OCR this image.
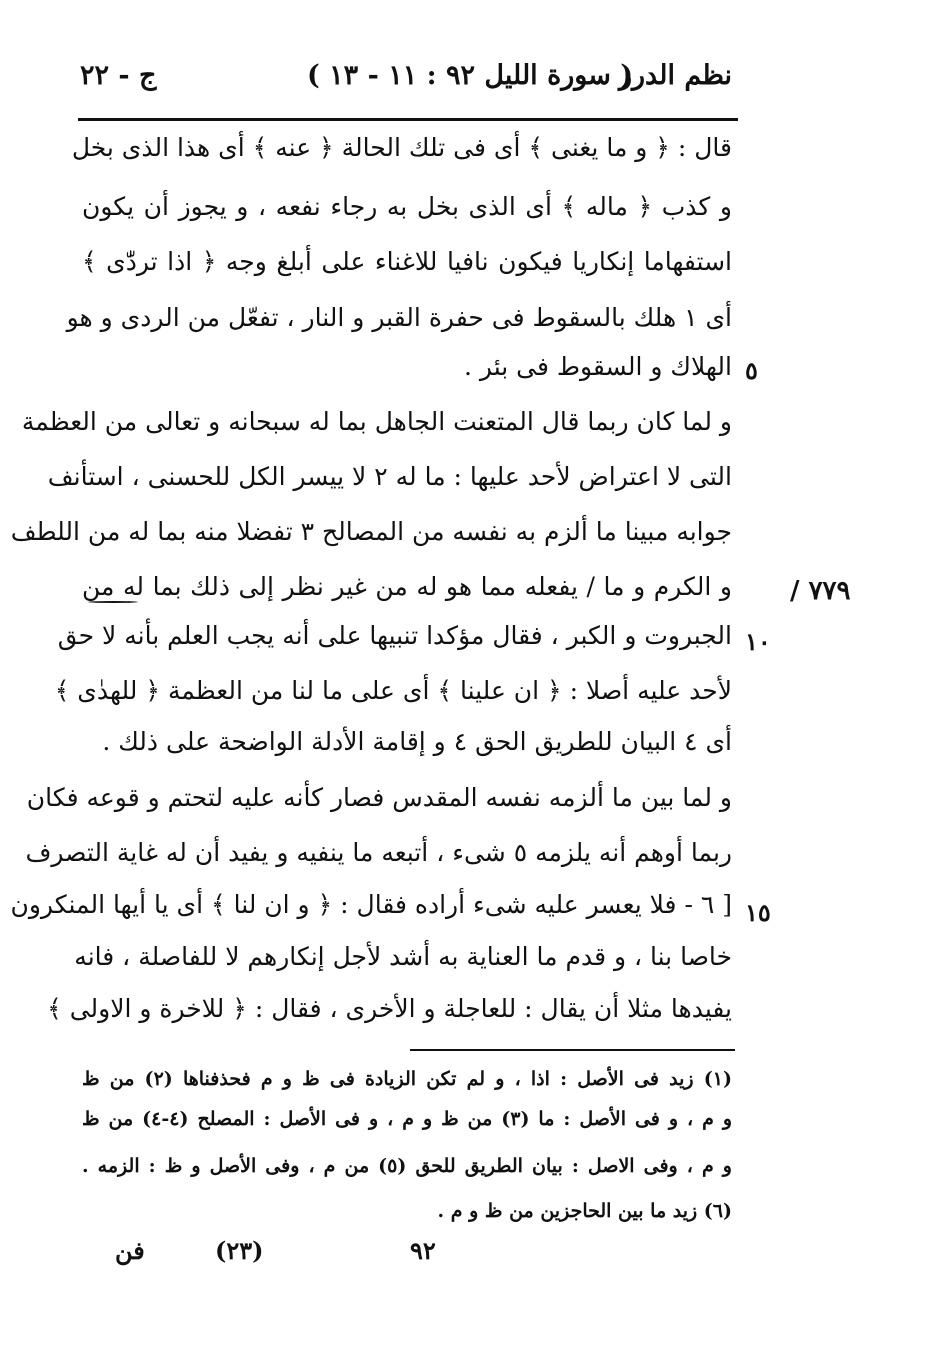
نظم الدرر
( سورة الليل ٩٢ : ١١ - ١٣ )
ج - ٢٢
قال : ﴿ و ما يغنى ﴾ أى فى تلك الحالة ﴿ عنه ﴾ أى هذا الذى بخل
و كذب ﴿ ماله ﴾ أى الذى بخل به رجاء نفعه ، و يجوز أن يكون
استفهاما إنكاريا فيكون نافيا للاغناء على أبلغ وجه ﴿ اذا تردّٰى ﴾
أى ١ هلك بالسقوط فى حفرة القبر و النار ، تفعّل من الردى و هو
الهلاك و السقوط فى بئر . ٥
و لما كان ربما قال المتعنت الجاهل بما له سبحانه و تعالى من العظمة
التى لا اعتراض لأحد عليها : ما له ٢ لا ييسر الكل للحسنى ، استأنف
جوابه مبينا ما ألزم به نفسه من المصالح ٣ تفضلا منه بما له من اللطف
و الكرم و ما / يفعله مما هو له من غير نظر إلى ذلك بما له من ٧٧٩ /
الجبروت و الكبر ، فقال مؤكدا تنبيها على أنه يجب العلم بأنه لا حق ١٠
لأحد عليه أصلا : ﴿ ان علينا ﴾ أى على ما لنا من العظمة ﴿ للهدٰى ﴾
أى ٤ البيان للطريق الحق ٤ و إقامة الأدلة الواضحة على ذلك .
و لما بين ما ألزمه نفسه المقدس فصار كأنه عليه لتحتم و قوعه فكان
ربما أوهم أنه يلزمه ٥ شىء ، أتبعه ما ينفيه و يفيد أن له غاية التصرف
[ ٦ - فلا يعسر عليه شىء أراده فقال : ﴿ و ان لنا ﴾ أى يا أيها المنكرون ١٥
خاصا بنا ، و قدم ما العناية به أشد لأجل إنكارهم لا للفاصلة ، فانه
يفيدها مثلا أن يقال : للعاجلة و الأخرى ، فقال : ﴿ للاخرة و الاولى ﴾
(١) زيد فى الأصل : اذا ، و لم تكن الزيادة فى ظ و م فحذفناها (٢) من ظ
و م ، و فى الأصل : ما (٣) من ظ و م ، و فى الأصل : المصلح (٤-٤) من ظ
و م ، وفى الاصل : بيان الطريق للحق (٥) من م ، وفى الأصل و ظ : الزمه .
(٦) زيد ما بين الحاجزين من ظ و م .
فن	(٢٣)	٩٢
